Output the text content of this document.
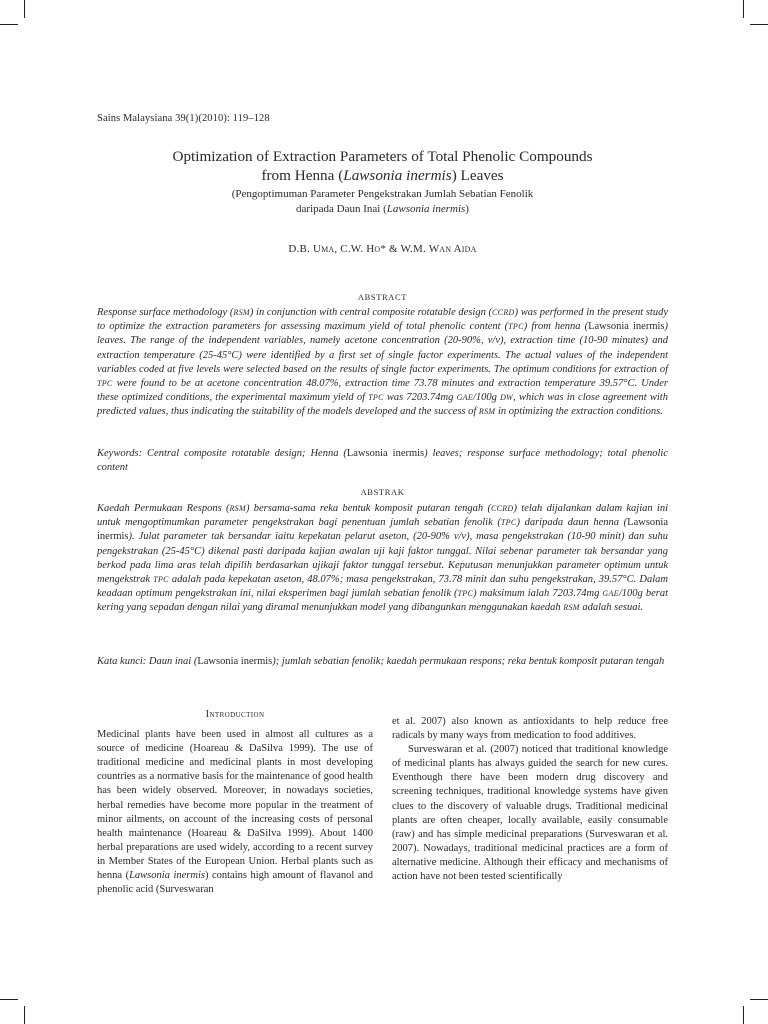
Sains Malaysiana 39(1)(2010): 119–128
Optimization of Extraction Parameters of Total Phenolic Compounds
from Henna (Lawsonia inermis) Leaves
(Pengoptimuman Parameter Pengekstrakan Jumlah Sebatian Fenolik
daripada Daun Inai (Lawsonia inermis)
D.B. Uma, C.W. Ho* & W.M. Wan Aida
ABSTRACT
Response surface methodology (RSM) in conjunction with central composite rotatable design (CCRD) was performed in the present study to optimize the extraction parameters for assessing maximum yield of total phenolic content (TPC) from henna (Lawsonia inermis) leaves. The range of the independent variables, namely acetone concentration (20-90%, v/v), extraction time (10-90 minutes) and extraction temperature (25-45°C) were identified by a first set of single factor experiments. The actual values of the independent variables coded at five levels were selected based on the results of single factor experiments. The optimum conditions for extraction of TPC were found to be at acetone concentration 48.07%, extraction time 73.78 minutes and extraction temperature 39.57°C. Under these optimized conditions, the experimental maximum yield of TPC was 7203.74mg GAE/100g DW, which was in close agreement with predicted values, thus indicating the suitability of the models developed and the success of RSM in optimizing the extraction conditions.
Keywords: Central composite rotatable design; Henna (Lawsonia inermis) leaves; response surface methodology; total phenolic content
ABSTRAK
Kaedah Permukaan Respons (RSM) bersama-sama reka bentuk komposit putaran tengah (CCRD) telah dijalankan dalam kajian ini untuk mengoptimumkan parameter pengekstrakan bagi penentuan jumlah sebatian fenolik (TPC) daripada daun henna (Lawsonia inermis). Julat parameter tak bersandar iaitu kepekatan pelarut aseton, (20-90% v/v), masa pengekstrakan (10-90 minit) dan suhu pengekstrakan (25-45°C) dikenal pasti daripada kajian awalan uji kaji faktor tunggal. Nilai sebenar parameter tak bersandar yang berkod pada lima aras telah dipilih berdasarkan ujikaji faktor tunggal tersebut. Keputusan menunjukkan parameter optimum untuk mengekstrak TPC adalah pada kepekatan aseton, 48.07%; masa pengekstrakan, 73.78 minit dan suhu pengekstrakan, 39.57°C. Dalam keadaan optimum pengekstrakan ini, nilai eksperimen bagi jumlah sebatian fenolik (TPC) maksimum ialah 7203.74mg GAE/100g berat kering yang sepadan dengan nilai yang diramal menunjukkan model yang dibangunkan menggunakan kaedah RSM adalah sesuai.
Kata kunci: Daun inai (Lawsonia inermis); jumlah sebatian fenolik; kaedah permukaan respons; reka bentuk komposit putaran tengah
Introduction

Medicinal plants have been used in almost all cultures as a source of medicine (Hoareau & DaSilva 1999). The use of traditional medicine and medicinal plants in most developing countries as a normative basis for the maintenance of good health has been widely observed. Moreover, in nowadays societies, herbal remedies have become more popular in the treatment of minor ailments, on account of the increasing costs of personal health maintenance (Hoareau & DaSilva 1999). About 1400 herbal preparations are used widely, according to a recent survey in Member States of the European Union. Herbal plants such as henna (Lawsonia inermis) contains high amount of flavanol and phenolic acid (Surveswaran

et al. 2007) also known as antioxidants to help reduce free radicals by many ways from medication to food additives.

Surveswaran et al. (2007) noticed that traditional knowledge of medicinal plants has always guided the search for new cures. Eventhough there have been modern drug discovery and screening techniques, traditional knowledge systems have given clues to the discovery of valuable drugs. Traditional medicinal plants are often cheaper, locally available, easily consumable (raw) and has simple medicinal preparations (Surveswaran et al. 2007). Nowadays, traditional medicinal practices are a form of alternative medicine. Although their efficacy and mechanisms of action have not been tested scientifically
